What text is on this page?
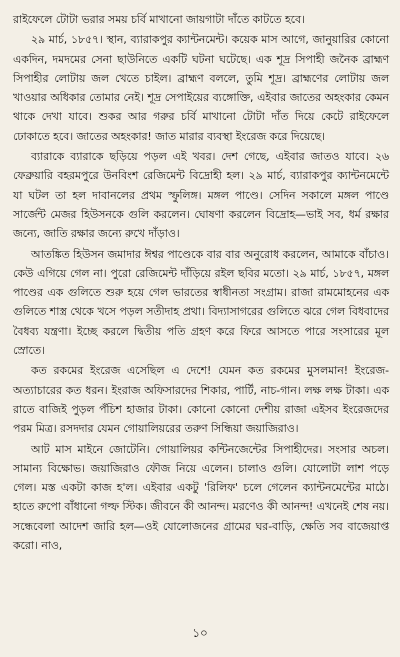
রাইফেলে টোটা ভরার সময় চর্বি মাখানো জায়গাটা দাঁতে কাটতে হবে।

২৯ মার্চ, ১৮৫৭। স্থান, ব্যারাকপুর ক্যান্টনমেন্ট। কয়েক মাস আগে, জানুয়ারির কোনো একদিন, দমদমের সেনা ছাউনিতে একটি ঘটনা ঘটেছে। এক শূদ্র সিপাহী জনৈক ব্রাহ্মণ সিপাহীর লোটায় জল খেতে চাইল। ব্রাহ্মণ বললে, তুমি শূদ্র। ব্রাহ্মণের লোটায় জল খাওয়ার অধিকার তোমার নেই। শূদ্র সেপাইয়ের ব্যঙ্গোক্তি, এইবার জাতের অহংকার কেমন থাকে দেখা যাবে। শুকর আর গরুর চর্বি মাখানো টোটা দাঁত দিয়ে কেটে রাইফেলে ঢোকাতে হবে। জাতের অহংকার! জাত মারার ব্যবস্থা ইংরেজ করে দিয়েছে।

ব্যারাকে ব্যারাকে ছড়িয়ে পড়ল এই খবর। দেশ গেছে, এইবার জাতও যাবে। ২৬ ফেব্রুয়ারি বহরমপুরে উনবিংশ রেজিমেন্ট বিদ্রোহী হল। ২৯ মার্চ, ব্যারাকপুর ক্যান্টনমেন্টে যা ঘটল তা হল দাবানলের প্রথম স্ফুলিঙ্গ। মঙ্গল পাণ্ডে। সেদিন সকালে মঙ্গল পাণ্ডে সার্জেন্ট মেজর হিউসনকে গুলি করলেন। ঘোষণা করলেন বিদ্রোহ—ভাই সব, ধর্ম রক্ষার জন্যে, জাতি রক্ষার জন্যে রুখে দাঁড়াও।

আতঙ্কিত হিউসন জমাদার ঈশ্বর পাণ্ডেকে বার বার অনুরোধ করলেন, আমাকে বাঁচাও। কেউ এগিয়ে গেল না। পুরো রেজিমেন্ট দাঁড়িয়ে রইল ছবির মতো। ২৯ মার্চ, ১৮৫৭, মঙ্গল পাণ্ডের এক গুলিতে শুরু হয়ে গেল ভারতের স্বাধীনতা সংগ্রাম। রাজা রামমোহনের এক গুলিতে শাস্ত্র থেকে খসে পড়ল সতীদাহ প্রথা। বিদ্যাসাগরের গুলিতে ঝরে গেল বিধবাদের বৈধব্য যন্ত্রণা। ইচ্ছে করলে দ্বিতীয় পতি গ্রহণ করে ফিরে আসতে পারে সংসারের মূল স্রোতে।

কত রকমের ইংরেজ এসেছিল এ দেশে! যেমন কত রকমের মুসলমান! ইংরেজ-অত্যাচারের কত ধরন। ইংরাজ অফিসারদের শিকার, পার্টি, নাচ-গান। লক্ষ লক্ষ টাকা। এক রাতে বাজিই পুড়ল পঁচিশ হাজার টাকা। কোনো কোনো দেশীয় রাজা এইসব ইংরেজদের পরম মিত্র। রসদদার যেমন গোয়ালিয়রের তরুণ সিন্ধিয়া জয়াজিরাও।

আট মাস মাইনে জোটেনি। গোয়ালিয়র কন্টিনজেন্টের সিপাহীদের। সংসার অচল। সামান্য বিক্ষোভ। জয়াজিরাও ফৌজ নিয়ে এলেন। চালাও গুলি। যোলোটা লাশ পড়ে গেল। মস্ত একটা কাজ হ'ল। এইবার একটু 'রিলিফ' চলে গেলেন ক্যান্টনমেন্টের মাঠে। হাতে রুপো বাঁধানো গল্ফ স্টিক। জীবনে কী আনন্দ। মরণেও কী আনন্দ! এখনেই শেষ নয়। সন্ধেবেলা আদেশ জারি হল—ওই যোলোজনের গ্রামের ঘর-বাড়ি, ক্ষেতি সব বাজেয়াপ্ত করো। নাও,

১০
